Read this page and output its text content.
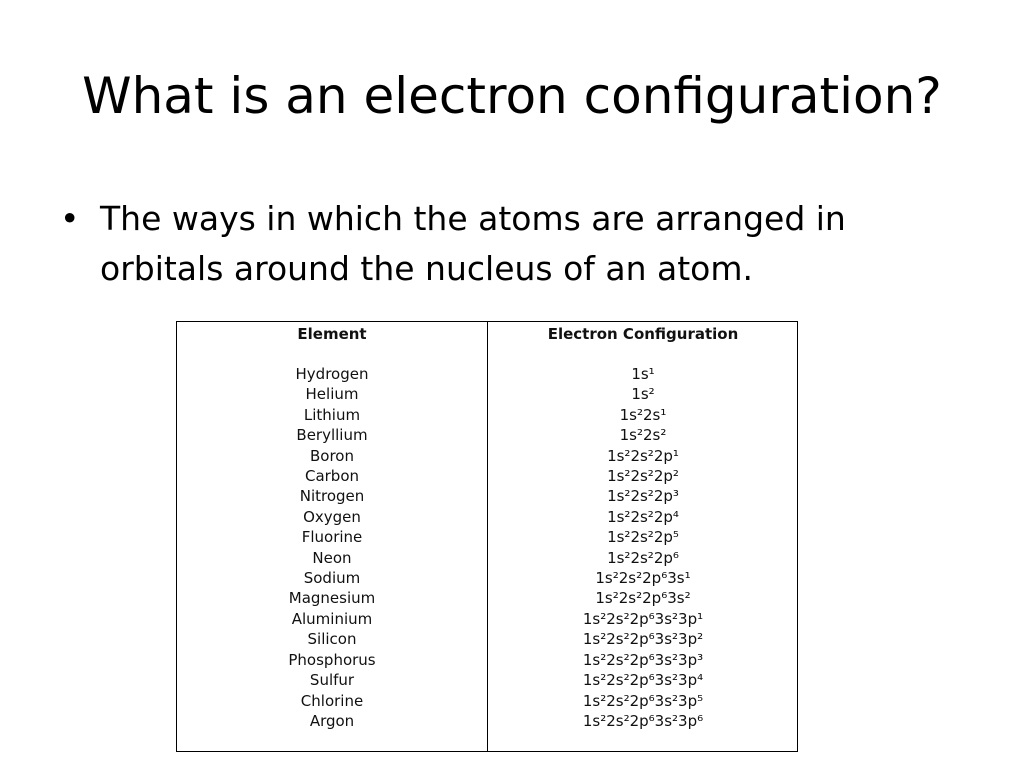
What is an electron configuration?
• The ways in which the atoms are arranged in orbitals around the nucleus of an atom.
Element
Hydrogen
Helium
Lithium
Beryllium
Boron
Carbon
Nitrogen
Oxygen
Fluorine
Neon
Sodium
Magnesium
Aluminium
Silicon
Phosphorus
Sulfur
Chlorine
Argon
Electron Configuration
1s¹
1s²
1s²2s¹
1s²2s²
1s²2s²2p¹
1s²2s²2p²
1s²2s²2p³
1s²2s²2p⁴
1s²2s²2p⁵
1s²2s²2p⁶
1s²2s²2p⁶3s¹
1s²2s²2p⁶3s²
1s²2s²2p⁶3s²3p¹
1s²2s²2p⁶3s²3p²
1s²2s²2p⁶3s²3p³
1s²2s²2p⁶3s²3p⁴
1s²2s²2p⁶3s²3p⁵
1s²2s²2p⁶3s²3p⁶
